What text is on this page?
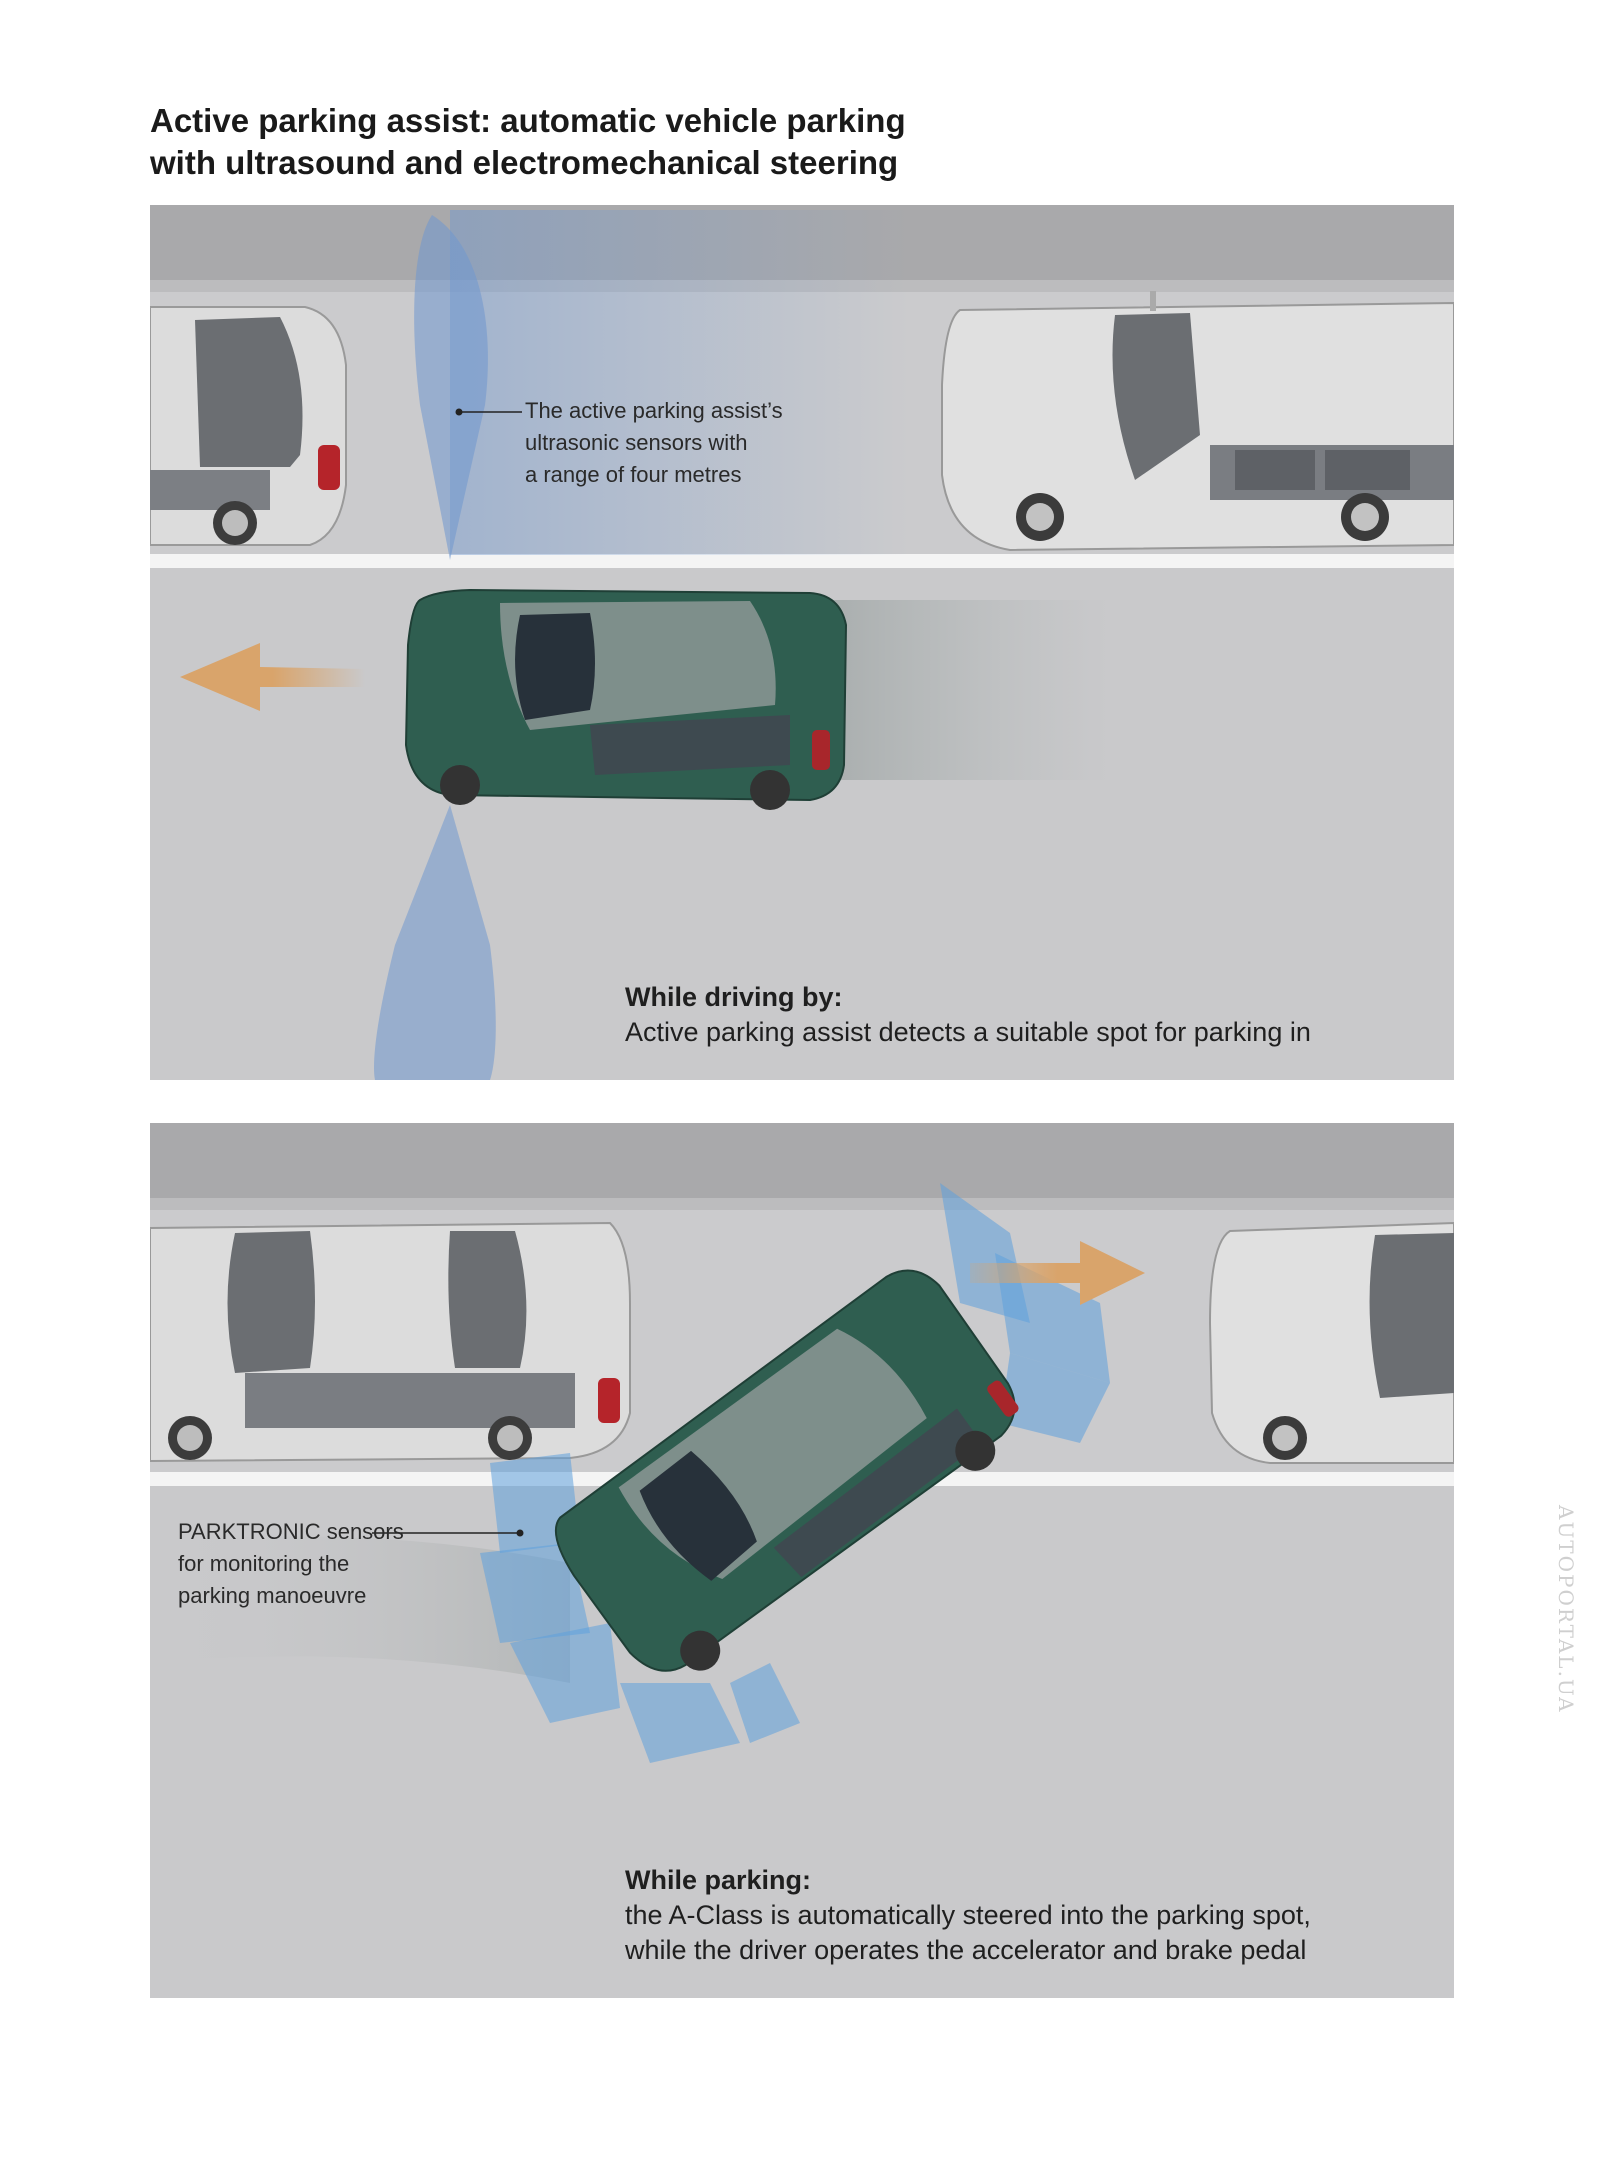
Active parking assist: automatic vehicle parking
with ultrasound and electromechanical steering
The active parking assist’s
ultrasonic sensors with
a range of four metres
While driving by:
Active parking assist detects a suitable spot for parking in
PARKTRONIC sensors
for monitoring the
parking manoeuvre
While parking:
the A-Class is automatically steered into the parking spot,
while the driver operates the accelerator and brake pedal
AUTOPORTAL.UA
